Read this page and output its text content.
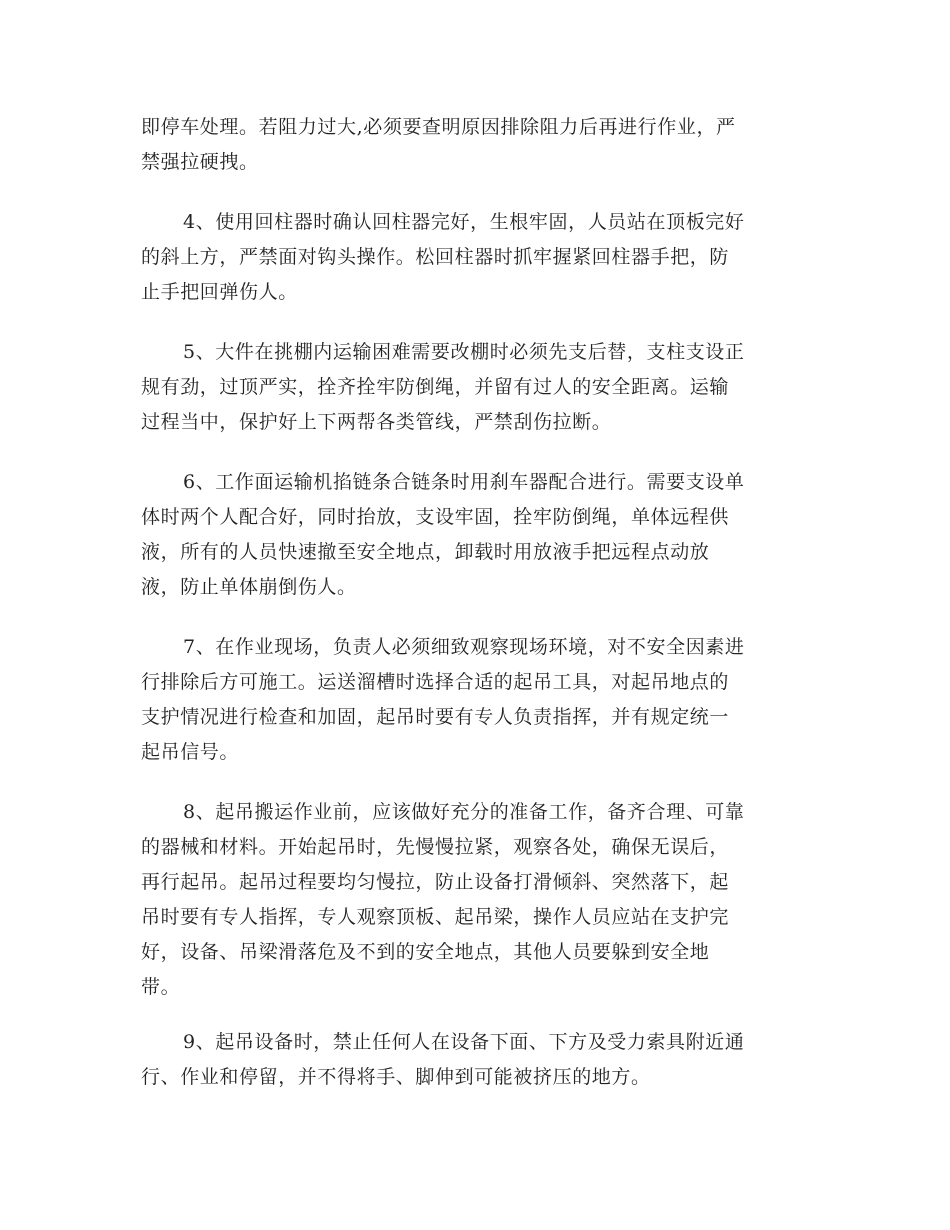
即停车处理。若阻力过大,必须要查明原因排除阻力后再进行作业，严
禁强拉硬拽。
4、使用回柱器时确认回柱器完好，生根牢固，人员站在顶板完好
的斜上方，严禁面对钩头操作。松回柱器时抓牢握紧回柱器手把，防
止手把回弹伤人。
5、大件在挑棚内运输困难需要改棚时必须先支后替，支柱支设正
规有劲，过顶严实，拴齐拴牢防倒绳，并留有过人的安全距离。运输
过程当中，保护好上下两帮各类管线，严禁刮伤拉断。
6、工作面运输机掐链条合链条时用刹车器配合进行。需要支设单
体时两个人配合好，同时抬放，支设牢固，拴牢防倒绳，单体远程供
液，所有的人员快速撤至安全地点，卸载时用放液手把远程点动放
液，防止单体崩倒伤人。
7、在作业现场，负责人必须细致观察现场环境，对不安全因素进
行排除后方可施工。运送溜槽时选择合适的起吊工具，对起吊地点的
支护情况进行检查和加固，起吊时要有专人负责指挥，并有规定统一
起吊信号。
8、起吊搬运作业前，应该做好充分的准备工作，备齐合理、可靠
的器械和材料。开始起吊时，先慢慢拉紧，观察各处，确保无误后，
再行起吊。起吊过程要均匀慢拉，防止设备打滑倾斜、突然落下，起
吊时要有专人指挥，专人观察顶板、起吊梁，操作人员应站在支护完
好，设备、吊梁滑落危及不到的安全地点，其他人员要躲到安全地
带。
9、起吊设备时，禁止任何人在设备下面、下方及受力索具附近通
行、作业和停留，并不得将手、脚伸到可能被挤压的地方。
